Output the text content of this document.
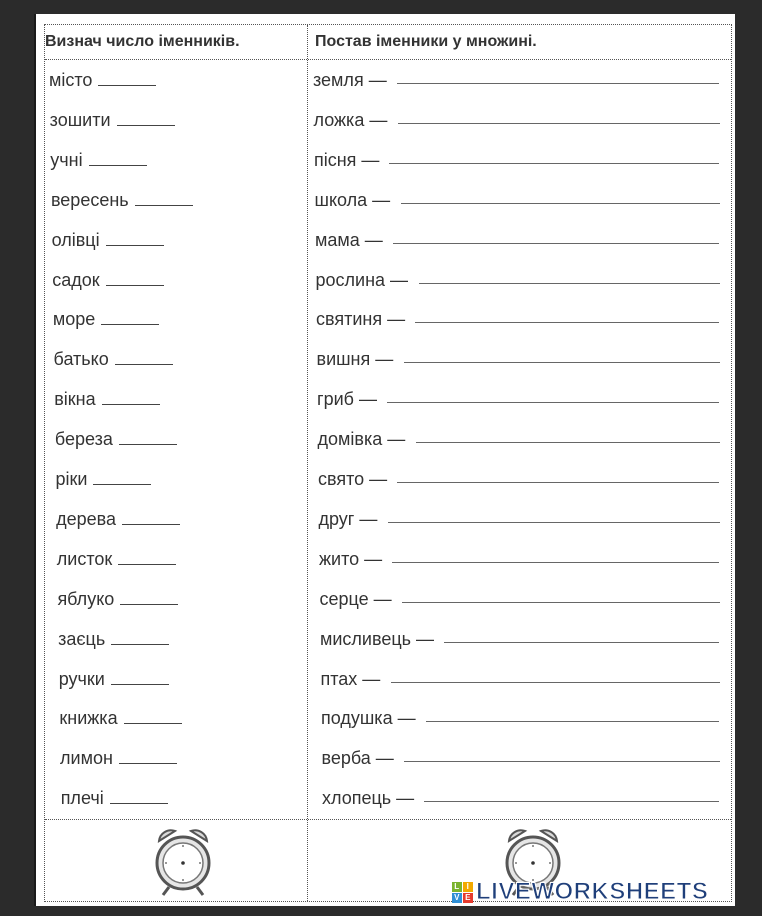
Визнач число іменників.	Постав іменники у множині.
місто
зошити
учні
вересень
олівці
садок
море
батько
вікна
береза
ріки
дерева
листок
яблуко
заєць
ручки
книжка
лимон
плечі
земля —
ложка —
пісня —
школа —
мама —
рослина —
святиня —
вишня —
гриб —
домівка —
свято —
друг —
жито —
серце —
мисливець —
птах —
подушка —
верба —
хлопець —
L I
V E LIVEWORKSHEETS
